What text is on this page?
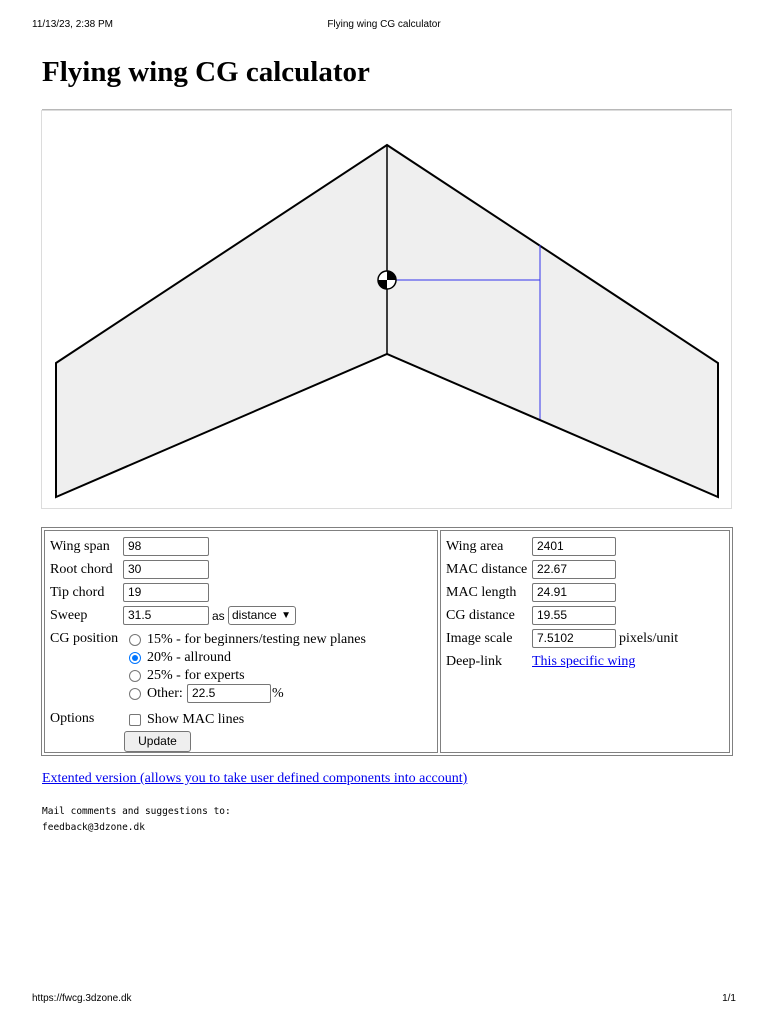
11/13/23, 2:38 PM	Flying wing CG calculator
Flying wing CG calculator
Wing span	98
Root chord	30
Tip chord	19
Sweep	31.5	as distance ▼
CG position 15% - for beginners/testing new planes
20% - allround
25% - for experts
Other: 22.5	%
Options	Show MAC lines
Update
Wing area	2401
MAC distance 22.67
MAC length	24.91
CG distance	19.55
Image scale	7.5102	pixels/unit
Deep-link This specific wing
Extented version (allows you to take user defined components into account)
Mail comments and suggestions to:
feedback@3dzone.dk
https://fwcg.3dzone.dk	1/1
